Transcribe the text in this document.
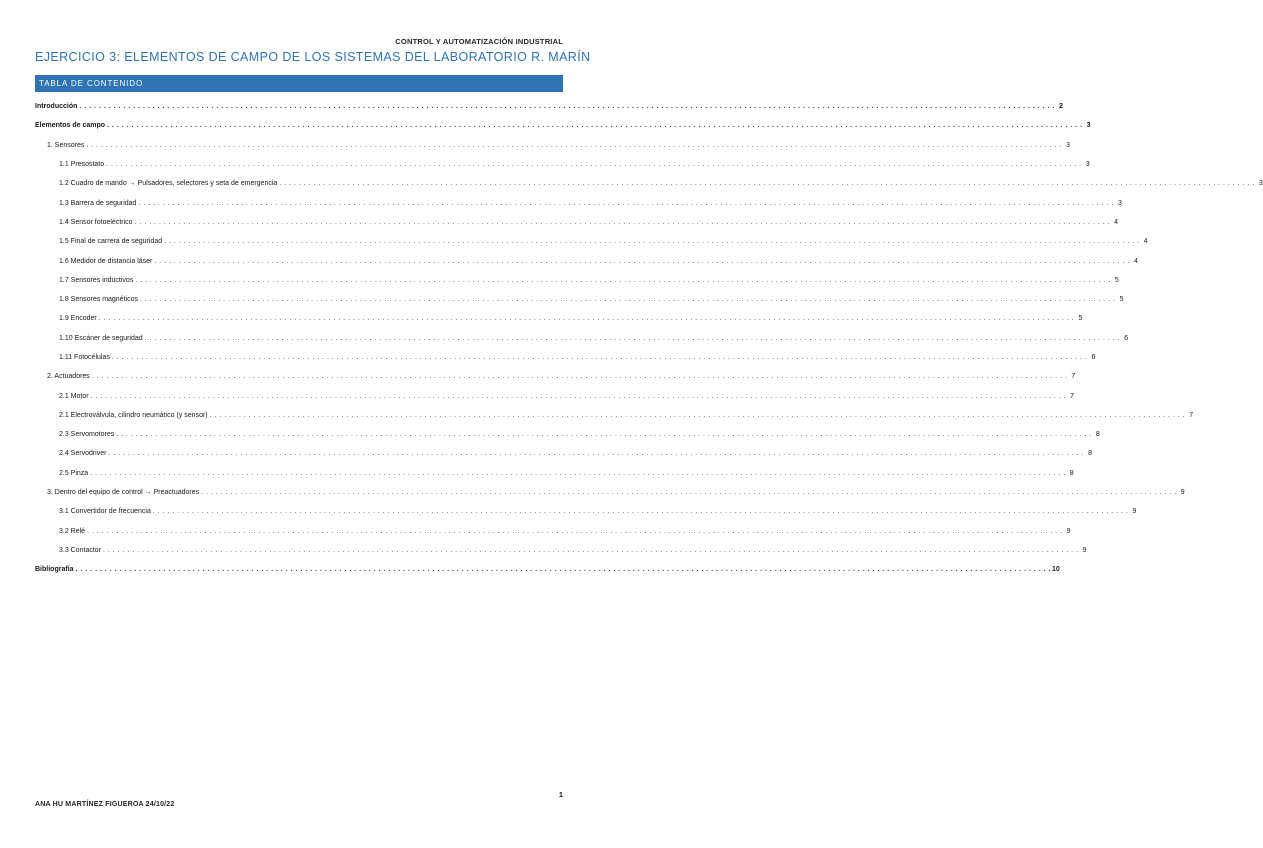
CONTROL Y AUTOMATIZACIÓN INDUSTRIAL
EJERCICIO 3: ELEMENTOS DE CAMPO DE LOS SISTEMAS DEL LABORATORIO R. MARÍN
TABLA DE CONTENIDO
Introducción . . . . . . . . . . . . . . . . . . . . . . . . . . . . . . . . . . . . . . . . . . . . . . . . . . . . . . . . . . . . . . . . . . . . . . . . . . . . . . . . . . . . . . . . . . . . . . . . . . . . . . . . . . . . . . . . . . . . . . . . . . . . . . . . . . . . . . . . . . . . . . . . . . . . . . . . . . . . . . . . . . . . . . . . . . . . . . . . . . . . . . . . . . . . . . . . . . . . . . . . 2
Elementos de campo . . . . . . . . . . . . . . . . . . . . . . . . . . . . . . . . . . . . . . . . . . . . . . . . . . . . . . . . . . . . . . . . . . . . . . . . . . . . . . . . . . . . . . . . . . . . . . . . . . . . . . . . . . . . . . . . . . . . . . . . . . . . . . . . . . . . . . . . . . . . . . . . . . . . . . . . . . . . . . . . . . . . . . . . . . . . . . . . . . . . . . . . . . . . . . . . . . . . . . . . 3
1. Sensores . . . . . . . . . . . . . . . . . . . . . . . . . . . . . . . . . . . . . . . . . . . . . . . . . . . . . . . . . . . . . . . . . . . . . . . . . . . . . . . . . . . . . . . . . . . . . . . . . . . . . . . . . . . . . . . . . . . . . . . . . . . . . . . . . . . . . . . . . . . . . . . . . . . . . . . . . . . . . . . . . . . . . . . . . . . . . . . . . . . . . . . . . . . . . . . . . . . . . . . . 3
1.1 Presostato . . . . . . . . . . . . . . . . . . . . . . . . . . . . . . . . . . . . . . . . . . . . . . . . . . . . . . . . . . . . . . . . . . . . . . . . . . . . . . . . . . . . . . . . . . . . . . . . . . . . . . . . . . . . . . . . . . . . . . . . . . . . . . . . . . . . . . . . . . . . . . . . . . . . . . . . . . . . . . . . . . . . . . . . . . . . . . . . . . . . . . . . . . . . . . . . . . . . . . . . 3
1.2 Cuadro de mando → Pulsadores, selectores y seta de emergencia . . . . . . . . . . . . . . . . . . . . . . . . . . . . . . . . . . . . . . . . . . . . . . . . . . . . . . . . . . . . . . . . . . . . . . . . . . . . . . . . . . . . . . . . . . . . . . . . . . . . . . . . . . . . . . . . . . . . . . . . . . . . . . . . . . . . . . . . . . . . . . . . . . . . . . . . . . . . . . . . . . . . . . . . . . . . . . . . . . . . . . . . . . . . . . . . . . . . . . . . 3
1.3 Barrera de seguridad . . . . . . . . . . . . . . . . . . . . . . . . . . . . . . . . . . . . . . . . . . . . . . . . . . . . . . . . . . . . . . . . . . . . . . . . . . . . . . . . . . . . . . . . . . . . . . . . . . . . . . . . . . . . . . . . . . . . . . . . . . . . . . . . . . . . . . . . . . . . . . . . . . . . . . . . . . . . . . . . . . . . . . . . . . . . . . . . . . . . . . . . . . . . . . . . . . . . . . . . 3
1.4 Sensor fotoeléctrico . . . . . . . . . . . . . . . . . . . . . . . . . . . . . . . . . . . . . . . . . . . . . . . . . . . . . . . . . . . . . . . . . . . . . . . . . . . . . . . . . . . . . . . . . . . . . . . . . . . . . . . . . . . . . . . . . . . . . . . . . . . . . . . . . . . . . . . . . . . . . . . . . . . . . . . . . . . . . . . . . . . . . . . . . . . . . . . . . . . . . . . . . . . . . . . . . . . . . . . . 4
1.5 Final de carrera de seguridad . . . . . . . . . . . . . . . . . . . . . . . . . . . . . . . . . . . . . . . . . . . . . . . . . . . . . . . . . . . . . . . . . . . . . . . . . . . . . . . . . . . . . . . . . . . . . . . . . . . . . . . . . . . . . . . . . . . . . . . . . . . . . . . . . . . . . . . . . . . . . . . . . . . . . . . . . . . . . . . . . . . . . . . . . . . . . . . . . . . . . . . . . . . . . . . . . . . . . . . . 4
1.6 Medidor de distancia láser . . . . . . . . . . . . . . . . . . . . . . . . . . . . . . . . . . . . . . . . . . . . . . . . . . . . . . . . . . . . . . . . . . . . . . . . . . . . . . . . . . . . . . . . . . . . . . . . . . . . . . . . . . . . . . . . . . . . . . . . . . . . . . . . . . . . . . . . . . . . . . . . . . . . . . . . . . . . . . . . . . . . . . . . . . . . . . . . . . . . . . . . . . . . . . . . . . . . . . . . 4
1.7 Sensores inductivos . . . . . . . . . . . . . . . . . . . . . . . . . . . . . . . . . . . . . . . . . . . . . . . . . . . . . . . . . . . . . . . . . . . . . . . . . . . . . . . . . . . . . . . . . . . . . . . . . . . . . . . . . . . . . . . . . . . . . . . . . . . . . . . . . . . . . . . . . . . . . . . . . . . . . . . . . . . . . . . . . . . . . . . . . . . . . . . . . . . . . . . . . . . . . . . . . . . . . . . . 5
1.8 Sensores magnéticos . . . . . . . . . . . . . . . . . . . . . . . . . . . . . . . . . . . . . . . . . . . . . . . . . . . . . . . . . . . . . . . . . . . . . . . . . . . . . . . . . . . . . . . . . . . . . . . . . . . . . . . . . . . . . . . . . . . . . . . . . . . . . . . . . . . . . . . . . . . . . . . . . . . . . . . . . . . . . . . . . . . . . . . . . . . . . . . . . . . . . . . . . . . . . . . . . . . . . . . . 5
1.9 Encoder . . . . . . . . . . . . . . . . . . . . . . . . . . . . . . . . . . . . . . . . . . . . . . . . . . . . . . . . . . . . . . . . . . . . . . . . . . . . . . . . . . . . . . . . . . . . . . . . . . . . . . . . . . . . . . . . . . . . . . . . . . . . . . . . . . . . . . . . . . . . . . . . . . . . . . . . . . . . . . . . . . . . . . . . . . . . . . . . . . . . . . . . . . . . . . . . . . . . . . . . 5
1.10 Escáner de seguridad . . . . . . . . . . . . . . . . . . . . . . . . . . . . . . . . . . . . . . . . . . . . . . . . . . . . . . . . . . . . . . . . . . . . . . . . . . . . . . . . . . . . . . . . . . . . . . . . . . . . . . . . . . . . . . . . . . . . . . . . . . . . . . . . . . . . . . . . . . . . . . . . . . . . . . . . . . . . . . . . . . . . . . . . . . . . . . . . . . . . . . . . . . . . . . . . . . . . . . . . 6
1.11 Fotocélulas . . . . . . . . . . . . . . . . . . . . . . . . . . . . . . . . . . . . . . . . . . . . . . . . . . . . . . . . . . . . . . . . . . . . . . . . . . . . . . . . . . . . . . . . . . . . . . . . . . . . . . . . . . . . . . . . . . . . . . . . . . . . . . . . . . . . . . . . . . . . . . . . . . . . . . . . . . . . . . . . . . . . . . . . . . . . . . . . . . . . . . . . . . . . . . . . . . . . . . . . 6
2. Actuadores . . . . . . . . . . . . . . . . . . . . . . . . . . . . . . . . . . . . . . . . . . . . . . . . . . . . . . . . . . . . . . . . . . . . . . . . . . . . . . . . . . . . . . . . . . . . . . . . . . . . . . . . . . . . . . . . . . . . . . . . . . . . . . . . . . . . . . . . . . . . . . . . . . . . . . . . . . . . . . . . . . . . . . . . . . . . . . . . . . . . . . . . . . . . . . . . . . . . . . . . 7
2.1 Motor . . . . . . . . . . . . . . . . . . . . . . . . . . . . . . . . . . . . . . . . . . . . . . . . . . . . . . . . . . . . . . . . . . . . . . . . . . . . . . . . . . . . . . . . . . . . . . . . . . . . . . . . . . . . . . . . . . . . . . . . . . . . . . . . . . . . . . . . . . . . . . . . . . . . . . . . . . . . . . . . . . . . . . . . . . . . . . . . . . . . . . . . . . . . . . . . . . . . . . . . 7
2.1 Electroválvula, cilindro neumático (y sensor) . . . . . . . . . . . . . . . . . . . . . . . . . . . . . . . . . . . . . . . . . . . . . . . . . . . . . . . . . . . . . . . . . . . . . . . . . . . . . . . . . . . . . . . . . . . . . . . . . . . . . . . . . . . . . . . . . . . . . . . . . . . . . . . . . . . . . . . . . . . . . . . . . . . . . . . . . . . . . . . . . . . . . . . . . . . . . . . . . . . . . . . . . . . . . . . . . . . . . . . . 7
2.3 Servomotores . . . . . . . . . . . . . . . . . . . . . . . . . . . . . . . . . . . . . . . . . . . . . . . . . . . . . . . . . . . . . . . . . . . . . . . . . . . . . . . . . . . . . . . . . . . . . . . . . . . . . . . . . . . . . . . . . . . . . . . . . . . . . . . . . . . . . . . . . . . . . . . . . . . . . . . . . . . . . . . . . . . . . . . . . . . . . . . . . . . . . . . . . . . . . . . . . . . . . . . . 8
2.4 Servodriver . . . . . . . . . . . . . . . . . . . . . . . . . . . . . . . . . . . . . . . . . . . . . . . . . . . . . . . . . . . . . . . . . . . . . . . . . . . . . . . . . . . . . . . . . . . . . . . . . . . . . . . . . . . . . . . . . . . . . . . . . . . . . . . . . . . . . . . . . . . . . . . . . . . . . . . . . . . . . . . . . . . . . . . . . . . . . . . . . . . . . . . . . . . . . . . . . . . . . . . . 8
2.5 Pinza . . . . . . . . . . . . . . . . . . . . . . . . . . . . . . . . . . . . . . . . . . . . . . . . . . . . . . . . . . . . . . . . . . . . . . . . . . . . . . . . . . . . . . . . . . . . . . . . . . . . . . . . . . . . . . . . . . . . . . . . . . . . . . . . . . . . . . . . . . . . . . . . . . . . . . . . . . . . . . . . . . . . . . . . . . . . . . . . . . . . . . . . . . . . . . . . . . . . . . . . 8
3. Dentro del equipo de control → Preactuadores . . . . . . . . . . . . . . . . . . . . . . . . . . . . . . . . . . . . . . . . . . . . . . . . . . . . . . . . . . . . . . . . . . . . . . . . . . . . . . . . . . . . . . . . . . . . . . . . . . . . . . . . . . . . . . . . . . . . . . . . . . . . . . . . . . . . . . . . . . . . . . . . . . . . . . . . . . . . . . . . . . . . . . . . . . . . . . . . . . . . . . . . . . . . . . . . . . . . . . . . 9
3.1 Convertidor de frecuencia . . . . . . . . . . . . . . . . . . . . . . . . . . . . . . . . . . . . . . . . . . . . . . . . . . . . . . . . . . . . . . . . . . . . . . . . . . . . . . . . . . . . . . . . . . . . . . . . . . . . . . . . . . . . . . . . . . . . . . . . . . . . . . . . . . . . . . . . . . . . . . . . . . . . . . . . . . . . . . . . . . . . . . . . . . . . . . . . . . . . . . . . . . . . . . . . . . . . . . . . 9
3.2 Relé . . . . . . . . . . . . . . . . . . . . . . . . . . . . . . . . . . . . . . . . . . . . . . . . . . . . . . . . . . . . . . . . . . . . . . . . . . . . . . . . . . . . . . . . . . . . . . . . . . . . . . . . . . . . . . . . . . . . . . . . . . . . . . . . . . . . . . . . . . . . . . . . . . . . . . . . . . . . . . . . . . . . . . . . . . . . . . . . . . . . . . . . . . . . . . . . . . . . . . . . 9
3.3 Contactor . . . . . . . . . . . . . . . . . . . . . . . . . . . . . . . . . . . . . . . . . . . . . . . . . . . . . . . . . . . . . . . . . . . . . . . . . . . . . . . . . . . . . . . . . . . . . . . . . . . . . . . . . . . . . . . . . . . . . . . . . . . . . . . . . . . . . . . . . . . . . . . . . . . . . . . . . . . . . . . . . . . . . . . . . . . . . . . . . . . . . . . . . . . . . . . . . . . . . . . . 9
Bibliografía . . . . . . . . . . . . . . . . . . . . . . . . . . . . . . . . . . . . . . . . . . . . . . . . . . . . . . . . . . . . . . . . . . . . . . . . . . . . . . . . . . . . . . . . . . . . . . . . . . . . . . . . . . . . . . . . . . . . . . . . . . . . . . . . . . . . . . . . . . . . . . . . . . . . . . . . . . . . . . . . . . . . . . . . . . . . . . . . . . . . . . . . . . . . . . . . . . . . . . . . 10
1
ANA HU MARTÍNEZ FIGUEROA 24/10/22
